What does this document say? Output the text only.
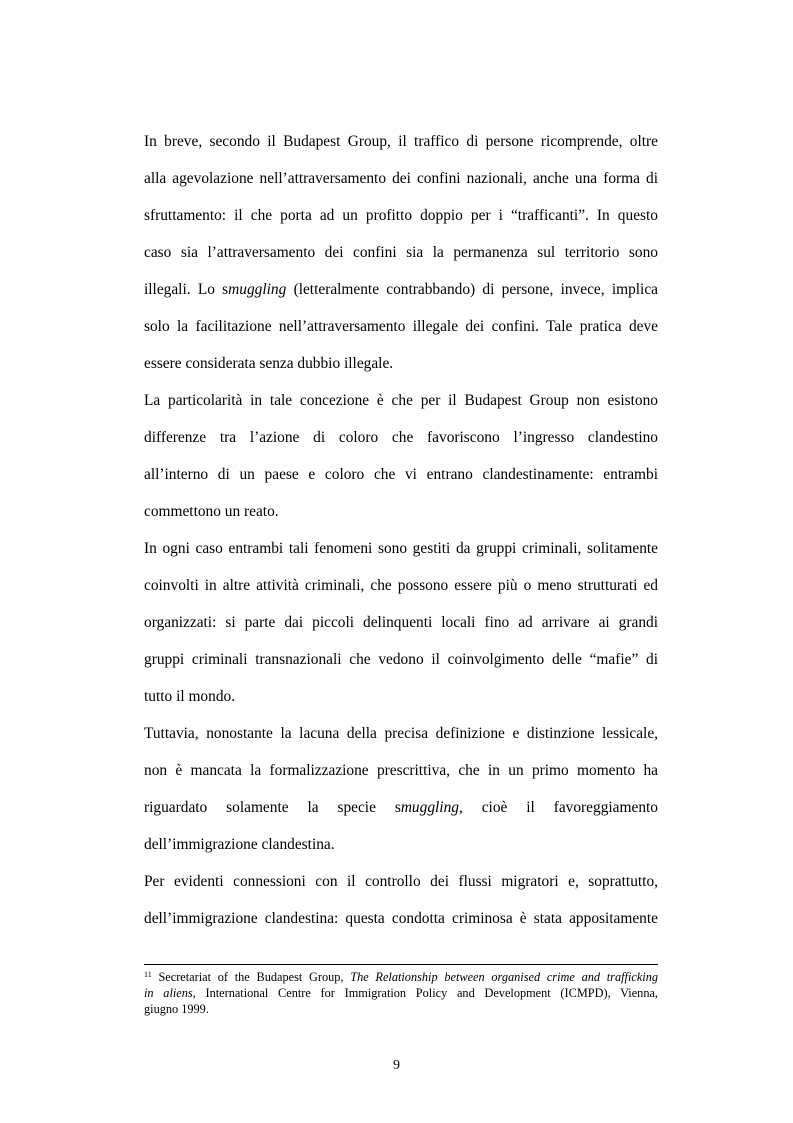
In breve, secondo il Budapest Group, il traffico di persone ricomprende, oltre
alla agevolazione nell’attraversamento dei confini nazionali, anche una forma di
sfruttamento: il che porta ad un profitto doppio per i “trafficanti”. In questo
caso sia l’attraversamento dei confini sia la permanenza sul territorio sono
illegali. Lo smuggling (letteralmente contrabbando) di persone, invece, implica
solo la facilitazione nell’attraversamento illegale dei confini. Tale pratica deve
essere considerata senza dubbio illegale.
La particolarità in tale concezione è che per il Budapest Group non esistono
differenze tra l’azione di coloro che favoriscono l’ingresso clandestino
all’interno di un paese e coloro che vi entrano clandestinamente: entrambi
commettono un reato.
In ogni caso entrambi tali fenomeni sono gestiti da gruppi criminali, solitamente
coinvolti in altre attività criminali, che possono essere più o meno strutturati ed
organizzati: si parte dai piccoli delinquenti locali fino ad arrivare ai grandi
gruppi criminali transnazionali che vedono il coinvolgimento delle “mafie” di
tutto il mondo.
Tuttavia, nonostante la lacuna della precisa definizione e distinzione lessicale,
non è mancata la formalizzazione prescrittiva, che in un primo momento ha
riguardato solamente la specie smuggling, cioè il favoreggiamento
dell’immigrazione clandestina.
Per evidenti connessioni con il controllo dei flussi migratori e, soprattutto,
dell’immigrazione clandestina: questa condotta criminosa è stata appositamente
$^{11}$ Secretariat of the Budapest Group, The Relationship between organised crime and trafficking
in aliens, International Centre for Immigration Policy and Development (ICMPD), Vienna,
giugno 1999.
9
